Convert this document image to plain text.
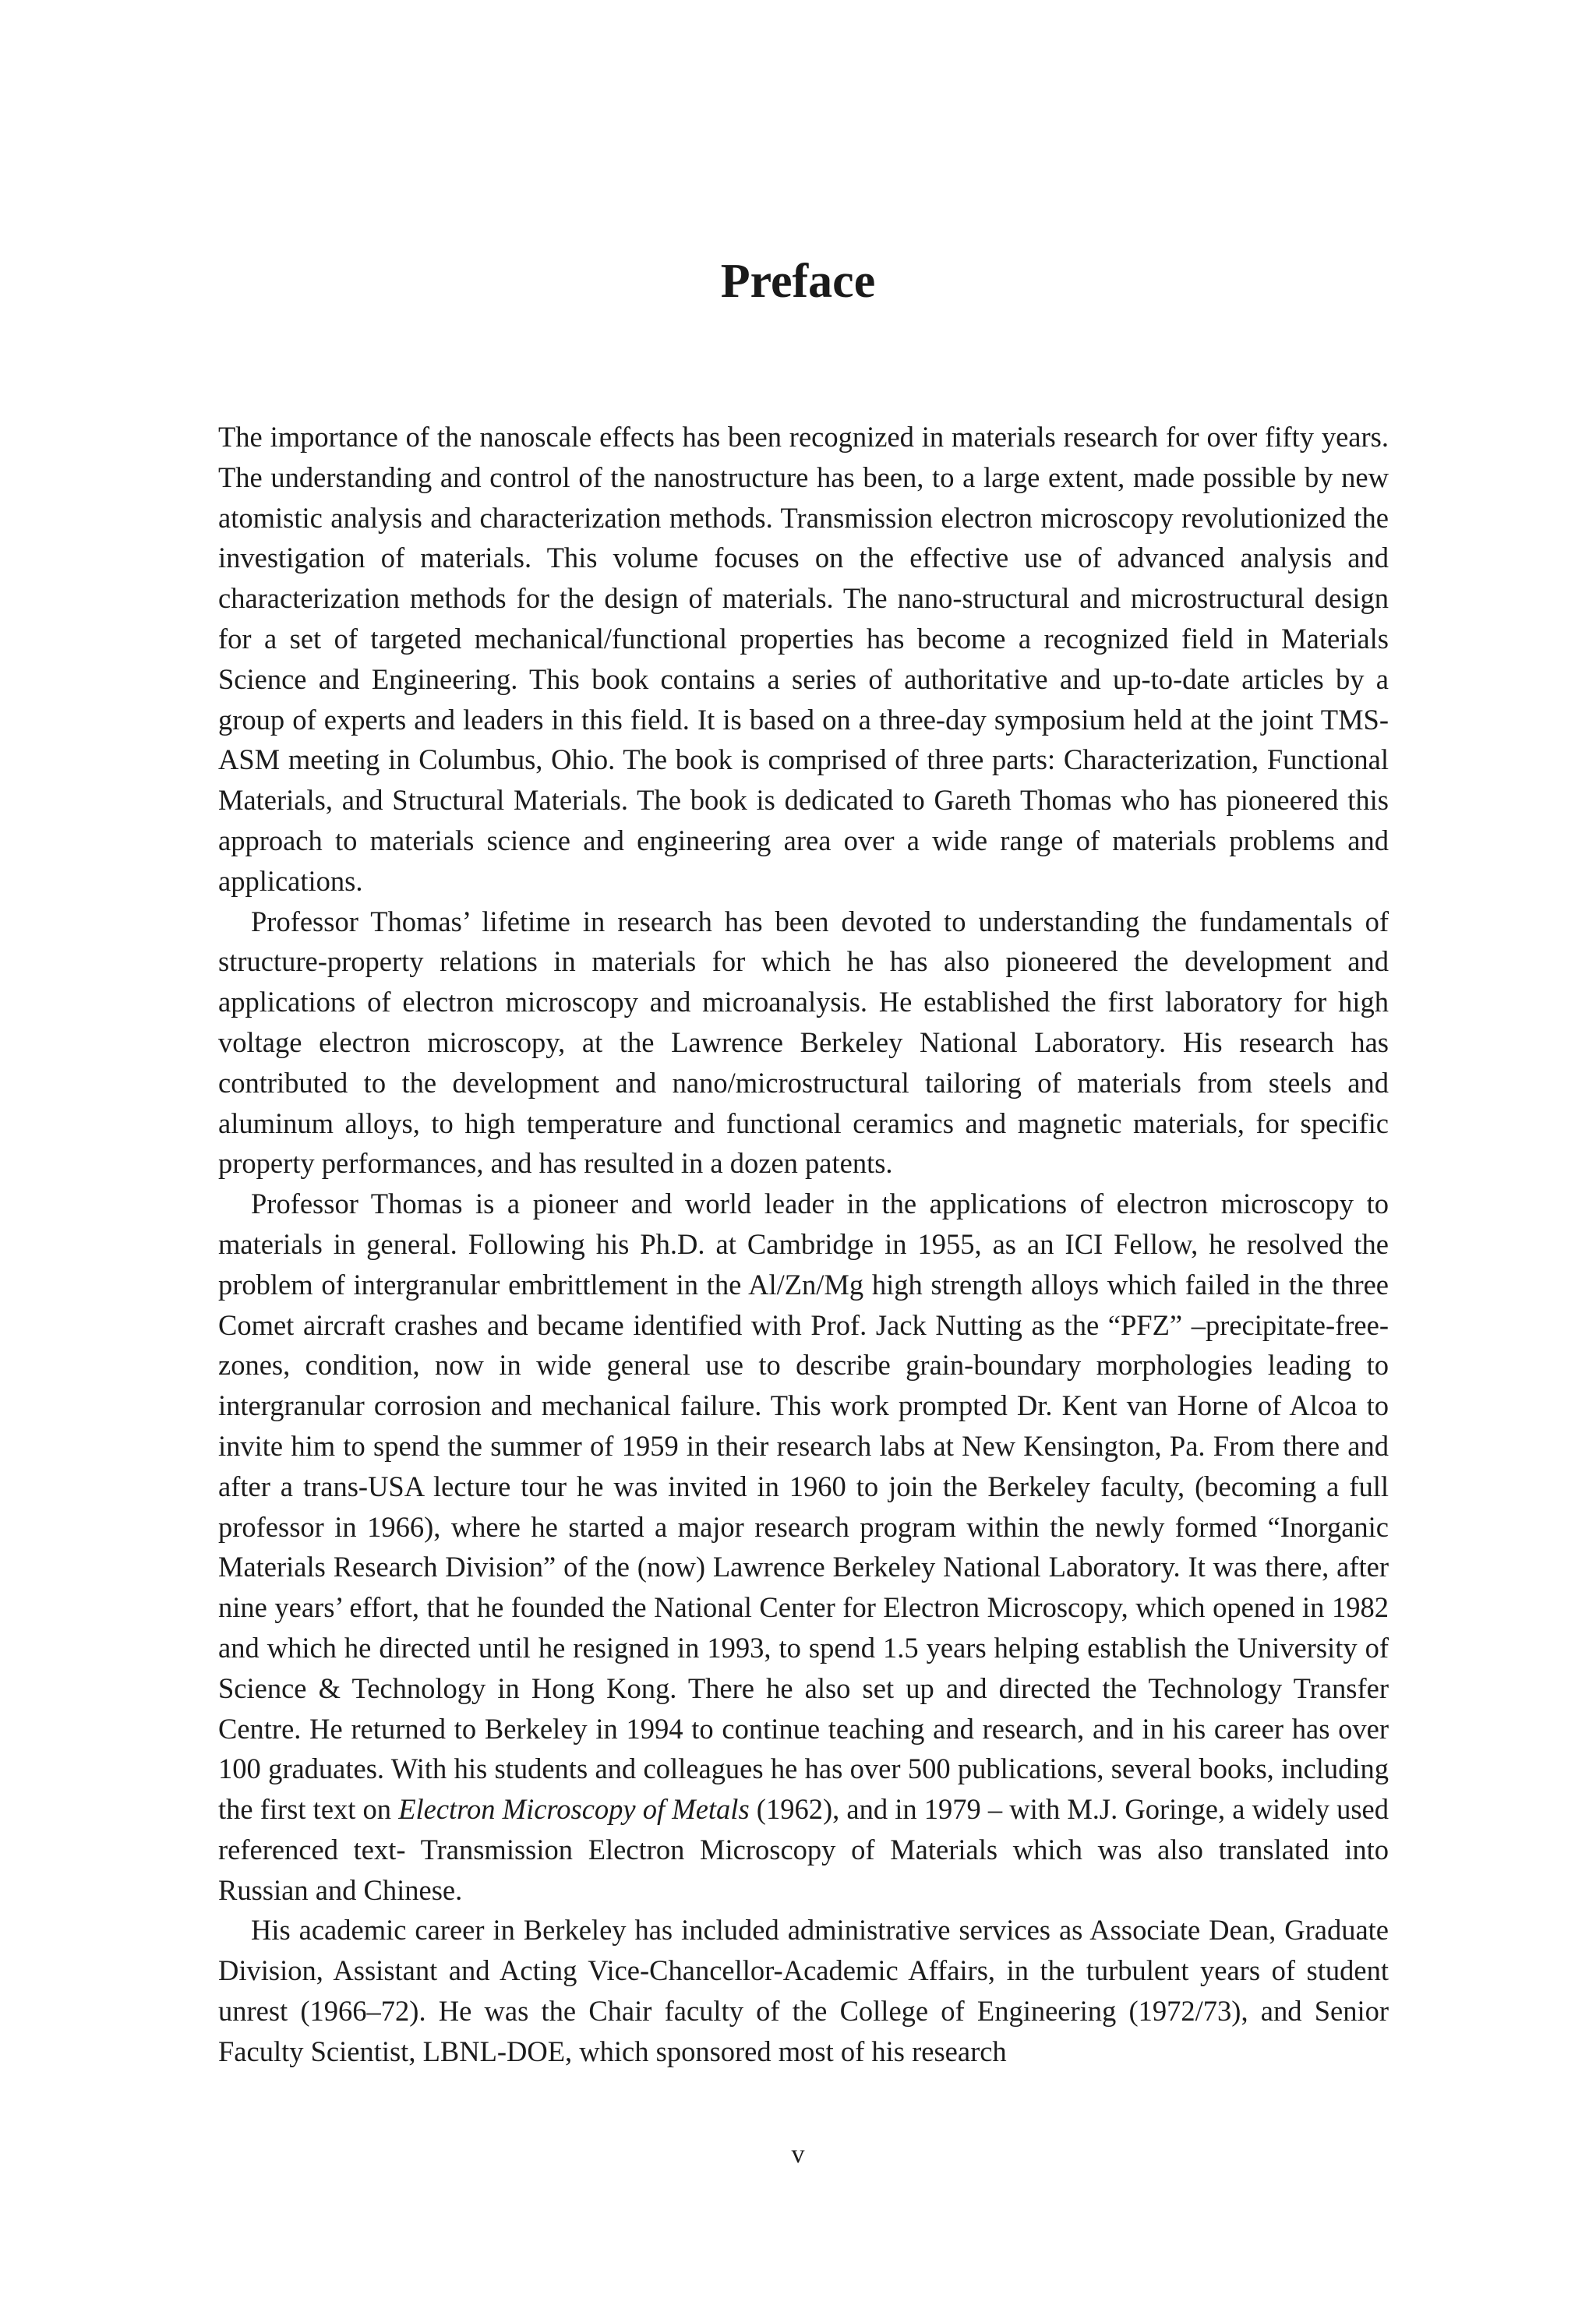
Preface

The importance of the nanoscale effects has been recognized in materials research for over fifty years. The understanding and control of the nanostructure has been, to a large extent, made possible by new atomistic analysis and characterization methods. Transmission electron microscopy revolutionized the investigation of materials. This volume focuses on the effective use of advanced analysis and characterization methods for the design of materials. The nano-structural and microstructural design for a set of targeted mechanical/functional properties has become a recognized field in Materials Science and Engineering. This book contains a series of authoritative and up-to-date articles by a group of experts and leaders in this field. It is based on a three-day symposium held at the joint TMS-ASM meeting in Columbus, Ohio. The book is comprised of three parts: Characterization, Functional Materials, and Structural Materials. The book is dedicated to Gareth Thomas who has pioneered this approach to materials science and engineering area over a wide range of materials problems and applications.

Professor Thomas’ lifetime in research has been devoted to understanding the fundamentals of structure-property relations in materials for which he has also pioneered the development and applications of electron microscopy and microanalysis. He established the first laboratory for high voltage electron microscopy, at the Lawrence Berkeley National Laboratory. His research has contributed to the development and nano/microstructural tailoring of materials from steels and aluminum alloys, to high temperature and functional ceramics and magnetic materials, for specific property performances, and has resulted in a dozen patents.

Professor Thomas is a pioneer and world leader in the applications of electron microscopy to materials in general. Following his Ph.D. at Cambridge in 1955, as an ICI Fellow, he resolved the problem of intergranular embrittlement in the Al/Zn/Mg high strength alloys which failed in the three Comet aircraft crashes and became identified with Prof. Jack Nutting as the “PFZ” –precipitate-free-zones, condition, now in wide general use to describe grain-boundary morphologies leading to intergranular corrosion and mechanical failure. This work prompted Dr. Kent van Horne of Alcoa to invite him to spend the summer of 1959 in their research labs at New Kensington, Pa. From there and after a trans-USA lecture tour he was invited in 1960 to join the Berkeley faculty, (becoming a full professor in 1966), where he started a major research program within the newly formed “Inorganic Materials Research Division” of the (now) Lawrence Berkeley National Laboratory. It was there, after nine years’ effort, that he founded the National Center for Electron Microscopy, which opened in 1982 and which he directed until he resigned in 1993, to spend 1.5 years helping establish the University of Science & Technology in Hong Kong. There he also set up and directed the Technology Transfer Centre. He returned to Berkeley in 1994 to continue teaching and research, and in his career has over 100 graduates. With his students and colleagues he has over 500 publications, several books, including the first text on Electron Microscopy of Metals (1962), and in 1979 – with M.J. Goringe, a widely used referenced text- Transmission Electron Microscopy of Materials which was also translated into Russian and Chinese.

His academic career in Berkeley has included administrative services as Associate Dean, Graduate Division, Assistant and Acting Vice-Chancellor-Academic Affairs, in the turbulent years of student unrest (1966–72). He was the Chair faculty of the College of Engineering (1972/73), and Senior Faculty Scientist, LBNL-DOE, which sponsored most of his research

v
